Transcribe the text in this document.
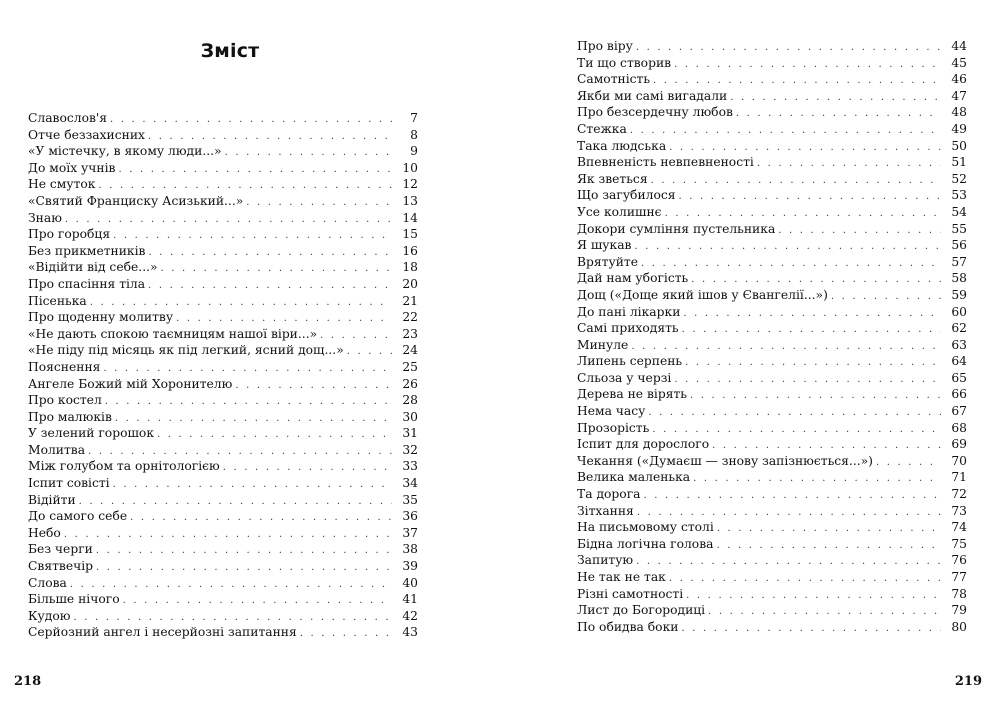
Зміст
Славослов'я . . .	7
Отче беззахисних . . .	8
«У містечку, в якому люди...» . . .	9
До моїх учнів . . .	10
Не смуток . . .	12
«Святий Франциску Асизький...» . . .	13
Знаю . . .	14
Про горобця . . .	15
Без прикметників . . .	16
«Відійти від себе...» . . .	18
Про спасіння тіла . . .	20
Пісенька . . .	21
Про щоденну молитву . . .	22
«Не дають спокою таємницям нашої віри...» . . .	23
«Не піду під місяць як під легкий, ясний дощ...» . . .	24
Пояснення . . .	25
Ангеле Божий мій Хоронителю . . .	26
Про костел . . .	28
Про малюків . . .	30
У зелений горошок . . .	31
Молитва . . .	32
Між голубом та орнітологією . . .	33
Іспит совісті . . .	34
Відійти . . .	35
До самого себе . . .	36
Небо . . .	37
Без черги . . .	38
Святвечір . . .	39
Слова . . .	40
Більше нічого . . .	41
Кудою . . .	42
Серйозний ангел і несерйозні запитання . . .	43
218
Про віру . . .	44
Ти що створив . . .	45
Самотність . . .	46
Якби ми самі вигадали . . .	47
Про безсердечну любов . . .	48
Стежка . . .	49
Така людська . . .	50
Впевненість невпевненості . . .	51
Як зветься . . .	52
Що загубилося . . .	53
Усе колишнє . . .	54
Докори сумління пустельника . . .	55
Я шукав . . .	56
Врятуйте . . .	57
Дай нам убогість . . .	58
Дощ («Доще який ішов у Євангелії...») . . .	59
До пані лікарки . . .	60
Самі приходять . . .	62
Минуле . . .	63
Липень серпень . . .	64
Сльоза у черзі . . .	65
Дерева не вірять . . .	66
Нема часу . . .	67
Прозорість . . .	68
Іспит для дорослого . . .	69
Чекання («Думаєш — знову запізнюється...») . . .	70
Велика маленька . . .	71
Та дорога . . .	72
Зітхання . . .	73
На письмовому столі . . .	74
Бідна логічна голова . . .	75
Запитую . . .	76
Не так не так . . .	77
Різні самотності . . .	78
Лист до Богородиці . . .	79
По обидва боки . . .	80
219
